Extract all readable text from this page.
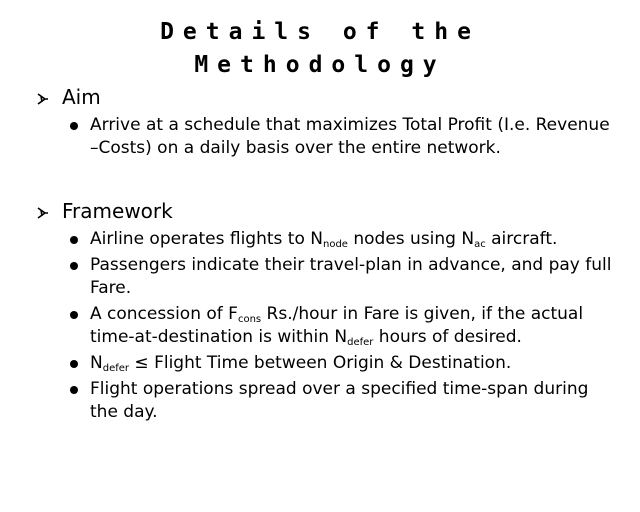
Details of the
Methodology
Aim
Arrive at a schedule that maximizes Total Profit (I.e. Revenue –Costs) on a daily basis over the entire network.
Framework
Airline operates flights to $N_{node}$ nodes using $N_{ac}$ aircraft.
Passengers indicate their travel-plan in advance, and pay full Fare.
A concession of $F_{cons}$ Rs./hour in Fare is given, if the actual time-at-destination is within $N_{defer}$ hours of desired.
$N_{defer}$ ≤ Flight Time between Origin & Destination.
Flight operations spread over a specified time-span during the day.
